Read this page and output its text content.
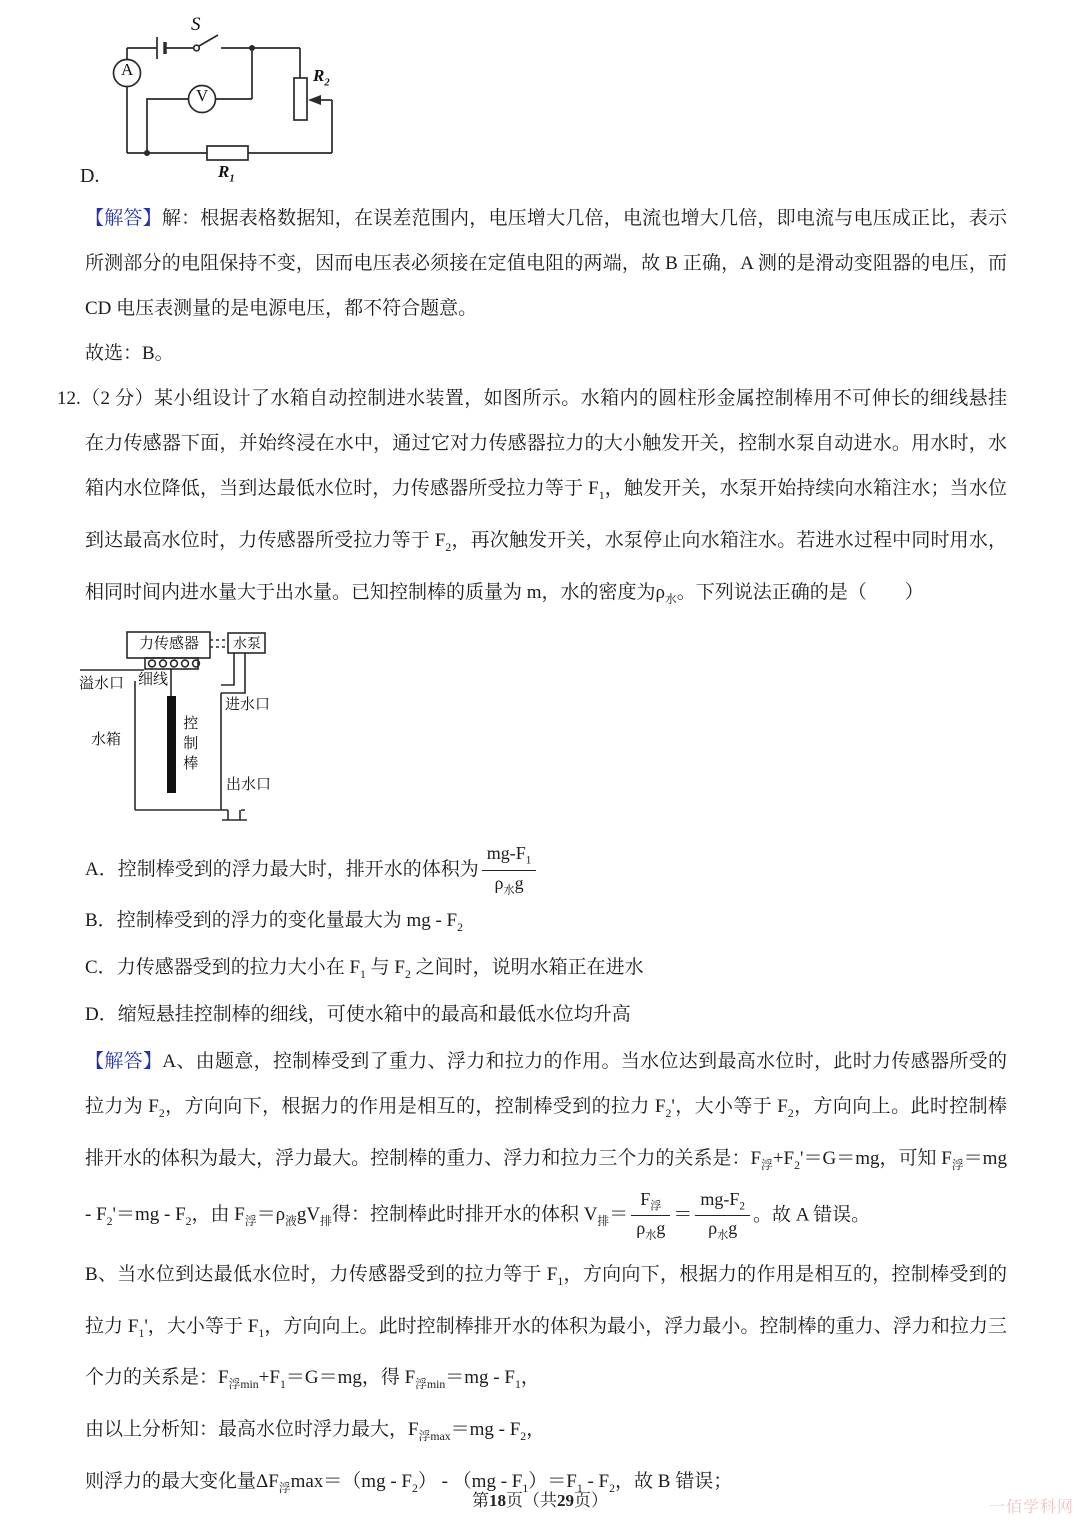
S
A
V
$R_2$
$R_1$
D.

【解答】解：根据表格数据知，在误差范围内，电压增大几倍，电流也增大几倍，即电流与电压成正比，表示所测部分的电阻保持不变，因而电压表必须接在定值电阻的两端，故 B 正确，A 测的是滑动变阻器的电压，而 CD 电压表测量的是电源电压，都不符合题意。

故选：B。

12.（2 分）某小组设计了水箱自动控制进水装置，如图所示。水箱内的圆柱形金属控制棒用不可伸长的细线悬挂在力传感器下面，并始终浸在水中，通过它对力传感器拉力的大小触发开关，控制水泵自动进水。用水时，水箱内水位降低，当到达最低水位时，力传感器所受拉力等于 $F_1$，触发开关，水泵开始持续向水箱注水；当水位到达最高水位时，力传感器所受拉力等于 $F_2$，再次触发开关，水泵停止向水箱注水。若进水过程中同时用水，相同时间内进水量大于出水量。已知控制棒的质量为 m，水的密度为$\rho_水$。下列说法正确的是（　　）

力传感器	水泵
细线
溢水口
水箱	控制棒
进水口
出水口
A． 控制棒受到的浮力最大时，排开水的体积为 $\frac{mg-F_1}{\rho_水g}$

B．控制棒受到的浮力的变化量最大为 mg - $F_2$

C．力传感器受到的拉力大小在 $F_1$ 与 $F_2$ 之间时，说明水箱正在进水

D．缩短悬挂控制棒的细线，可使水箱中的最高和最低水位均升高

【解答】A、由题意，控制棒受到了重力、浮力和拉力的作用。当水位达到最高水位时，此时力传感器所受的拉力为 $F_2$，方向向下，根据力的作用是相互的，控制棒受到的拉力 $F_2'$，大小等于 $F_2$，方向向上。此时控制棒排开水的体积为最大，浮力最大。控制棒的重力、浮力和拉力三个力的关系是：$F_浮+F_2'=G=mg$，可知 $F_浮=mg - F_2'=mg - F_2$，由 $F_浮=\rho_液gV_排$得：控制棒此时排开水的体积 $V_排= \frac{F_浮}{\rho_水g} = \frac{mg-F_2}{\rho_水g}$ 。故 A 错误。

B、当水位到达最低水位时，力传感器受到的拉力等于 $F_1$，方向向下，根据力的作用是相互的，控制棒受到的拉力 $F_1'$，大小等于 $F_1$，方向向上。此时控制棒排开水的体积为最小，浮力最小。控制棒的重力、浮力和拉力三个力的关系是：$F_{浮min}+F_1=G=mg$，得 $F_{浮min}=mg - F_1$，

由以上分析知：最高水位时浮力最大，$F_{浮max}=mg - F_2$，

则浮力的最大变化量$\Delta F_浮\max=(mg - F_2) - (mg - F_1)=F_1 - F_2$，故 B 错误；

第18页（共29页）	一佰学科网
